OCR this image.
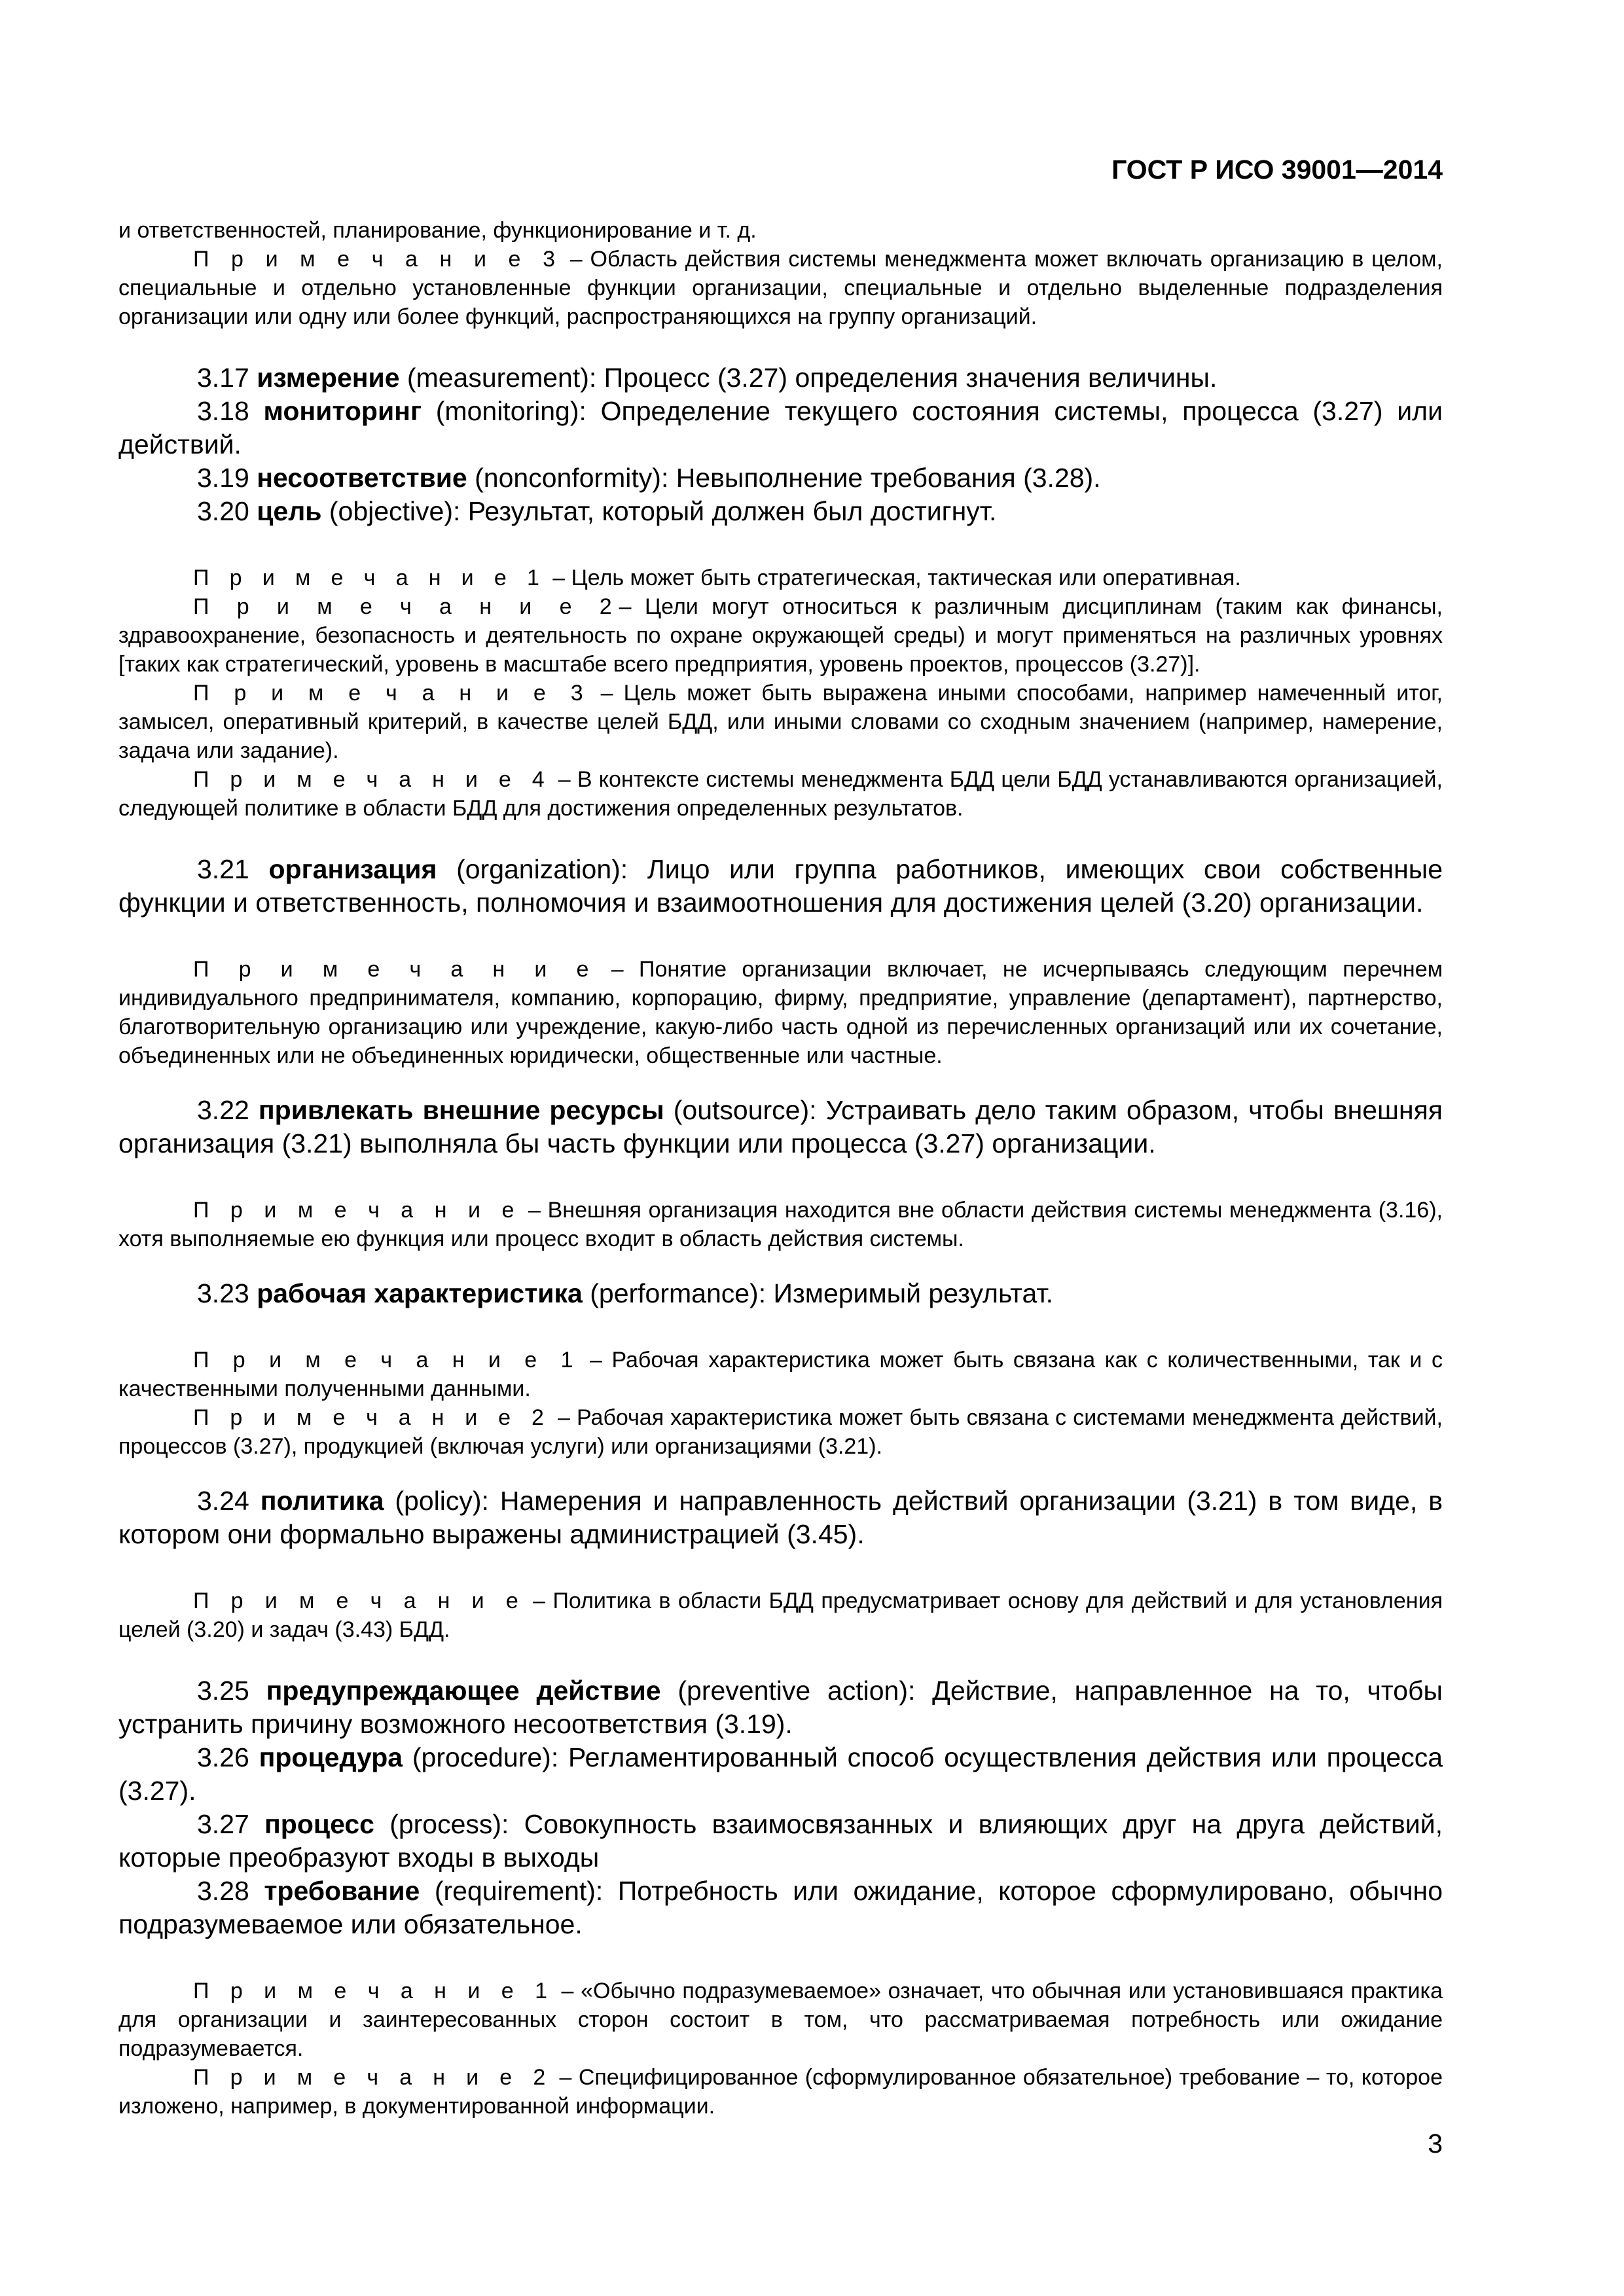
ГОСТ Р ИСО 39001—2014

и ответственностей, планирование, функционирование и т. д.

П р и м е ч а н и е 3 – Область действия системы менеджмента может включать организацию в целом, специальные и отдельно установленные функции организации, специальные и отдельно выделенные подразделения организации или одну или более функций, распространяющихся на группу организаций.

3.17 измерение (measurement): Процесс (3.27) определения значения величины.

3.18 мониторинг (monitoring): Определение текущего состояния системы, процесса (3.27) или действий.

3.19 несоответствие (nonconformity): Невыполнение требования (3.28).

3.20 цель (objective): Результат, который должен был достигнут.

П р и м е ч а н и е 1 – Цель может быть стратегическая, тактическая или оперативная.

П р и м е ч а н и е 2– Цели могут относиться к различным дисциплинам (таким как финансы, здравоохранение, безопасность и деятельность по охране окружающей среды) и могут применяться на различных уровнях [таких как стратегический, уровень в масштабе всего предприятия, уровень проектов, процессов (3.27)].

П р и м е ч а н и е 3 – Цель может быть выражена иными способами, например намеченный итог, замысел, оперативный критерий, в качестве целей БДД, или иными словами со сходным значением (например, намерение, задача или задание).

П р и м е ч а н и е 4 – В контексте системы менеджмента БДД цели БДД устанавливаются организацией, следующей политике в области БДД для достижения определенных результатов.

3.21 организация (organization): Лицо или группа работников, имеющих свои собственные функции и ответственность, полномочия и взаимоотношения для достижения целей (3.20) организации.

П р и м е ч а н и е – Понятие организации включает, не исчерпываясь следующим перечнем индивидуального предпринимателя, компанию, корпорацию, фирму, предприятие, управление (департамент), партнерство, благотворительную организацию или учреждение, какую-либо часть одной из перечисленных организаций или их сочетание, объединенных или не объединенных юридически, общественные или частные.

3.22 привлекать внешние ресурсы (outsource): Устраивать дело таким образом, чтобы внешняя организация (3.21) выполняла бы часть функции или процесса (3.27) организации.

П р и м е ч а н и е – Внешняя организация находится вне области действия системы менеджмента (3.16), хотя выполняемые ею функция или процесс входит в область действия системы.

3.23 рабочая характеристика (performance): Измеримый результат.

П р и м е ч а н и е 1 – Рабочая характеристика может быть связана как с количественными, так и с качественными полученными данными.

П р и м е ч а н и е 2 – Рабочая характеристика может быть связана с системами менеджмента действий, процессов (3.27), продукцией (включая услуги) или организациями (3.21).

3.24 политика (policy): Намерения и направленность действий организации (3.21) в том виде, в котором они формально выражены администрацией (3.45).

П р и м е ч а н и е – Политика в области БДД предусматривает основу для действий и для установления целей (3.20) и задач (3.43) БДД.

3.25 предупреждающее действие (preventive action): Действие, направленное на то, чтобы устранить причину возможного несоответствия (3.19).

3.26 процедура (procedure): Регламентированный способ осуществления действия или процесса (3.27).

3.27 процесс (process): Совокупность взаимосвязанных и влияющих друг на друга действий, которые преобразуют входы в выходы

3.28 требование (requirement): Потребность или ожидание, которое сформулировано, обычно подразумеваемое или обязательное.

П р и м е ч а н и е 1 – «Обычно подразумеваемое» означает, что обычная или установившаяся практика для организации и заинтересованных сторон состоит в том, что рассматриваемая потребность или ожидание подразумевается.

П р и м е ч а н и е 2 – Специфицированное (сформулированное обязательное) требование – то, которое изложено, например, в документированной информации.

3
